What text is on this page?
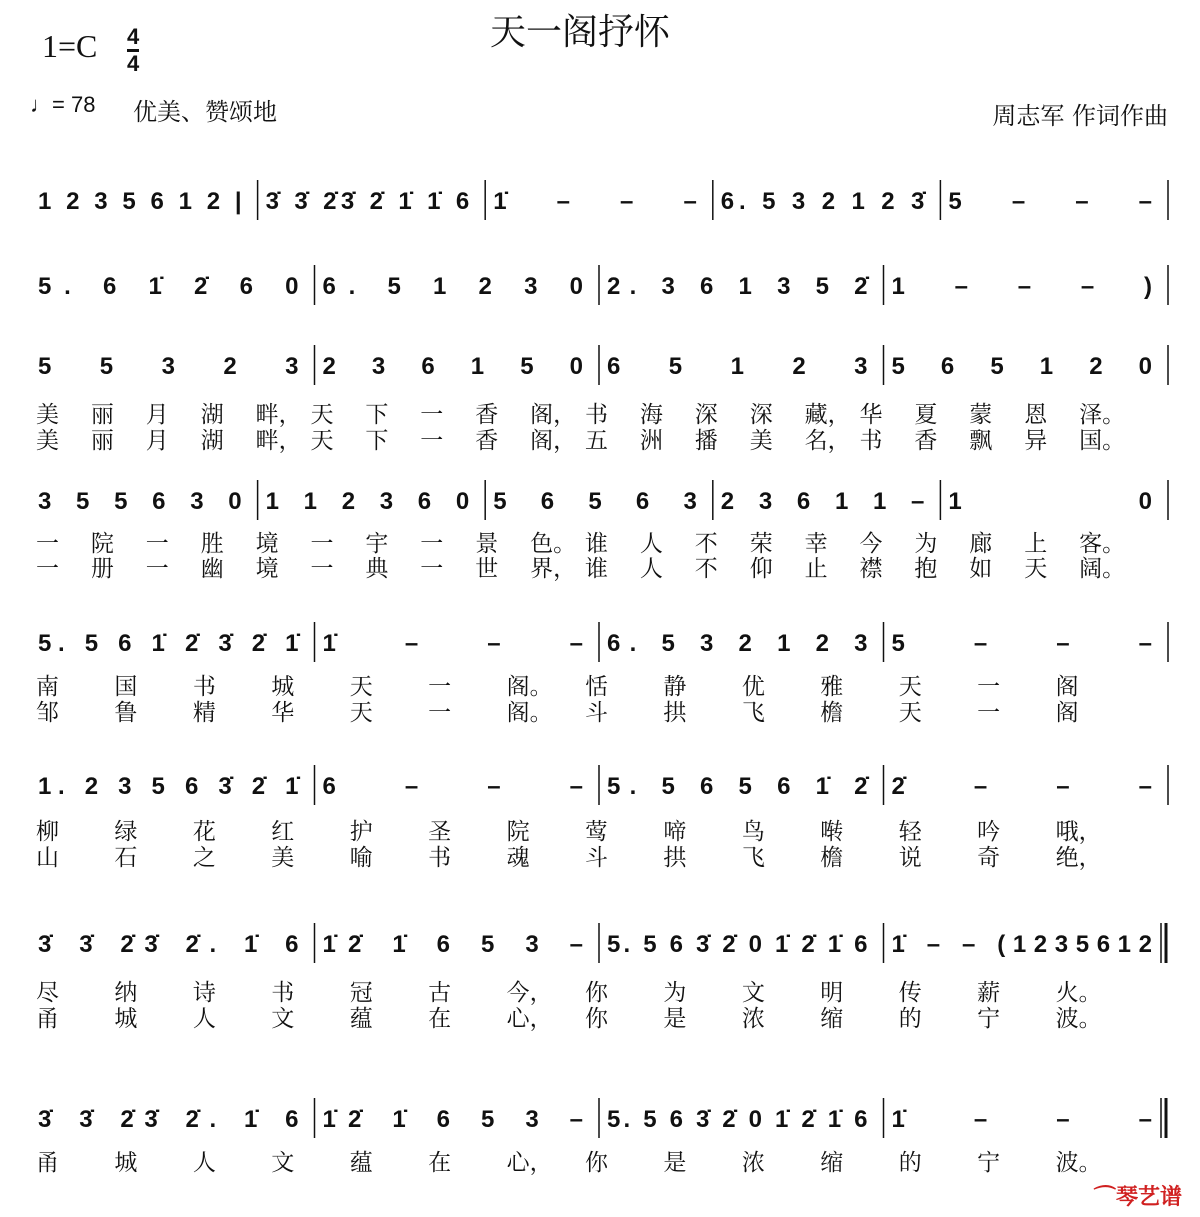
天一阁抒怀
1=C 4
4
♩= 78 优美、赞颂地	周志军 作词作曲
1235612| 3̇ 3̇ 2̇3̇ 2̇ 1̇ 1̇ 6 1̇ – – – 6. 5 3 2 1 2 3̇ 5 – – –
5. 6 1̇ 2̇ 6 0 6. 5 1 2 3 0 2. 3 6 1 3 5 2̇ 1 – – – )
5 5 3 2 3 2 3 6 1 5 0 6 5 1 2 3 5 6 5 1 2 0
美 丽 月 湖 畔， 天 下 一 香 阁， 书 海 深 深 藏， 华 夏 蒙 恩 泽。
美 丽 月 湖 畔， 天 下 一 香 阁， 五 洲 播 美 名， 书 香 飘 异 国。
3 5 5 6 3 0 1 1 2 3 6 0 5 6 5 6 3 2 3 6 1 1 – 1 0
一 院 一 胜 境 一 宇 一 景 色。 谁 人 不 荣 幸 今 为 廊 上 客。
一 册 一 幽 境 一 典 一 世 界， 谁 人 不 仰 止 襟 抱 如 天 阔。
5. 5 6 1̇ 2̇ 3̇ 2̇ 1̇ 1̇ – – – 6. 5 3 2 1 2 3 5 – – –
南 国 书 城 天 一 阁。 恬 静 优 雅 天 一 阁
邹 鲁 精 华 天 一 阁。 斗 拱 飞 檐 天 一 阁
1. 2 3 5 6 3̇ 2̇ 1̇ 6 – – – 5. 5 6 5 6 1̇ 2̇ 2̇ – – –
柳 绿 花 红 护 圣 院 莺 啼 鸟 啭 轻 吟 哦，
山 石 之 美 喻 书 魂 斗 拱 飞 檐 说 奇 绝，
3̇ 3̇ 2̇3̇ 2̇. 1̇ 6 1̇2̇ 1̇ 6 5 3 – 5. 5 6 3̇ 2̇ 0 1̇ 2̇ 1̇ 6 1̇ – – (1235612
尽 纳 诗 书 冠 古 今， 你 为 文 明 传 薪 火。
甬 城 人 文 蕴 在 心， 你 是 浓 缩 的 宁 波。
3̇ 3̇ 2̇3̇ 2̇. 1̇ 6 1̇2̇ 1̇ 6 5 3 – 5. 5 6 3̇ 2̇ 0 1̇ 2̇ 1̇ 6 1̇ – – –
甬 城 人 文 蕴 在 心， 你 是 浓 缩 的 宁 波。
⌒ 琴艺谱
